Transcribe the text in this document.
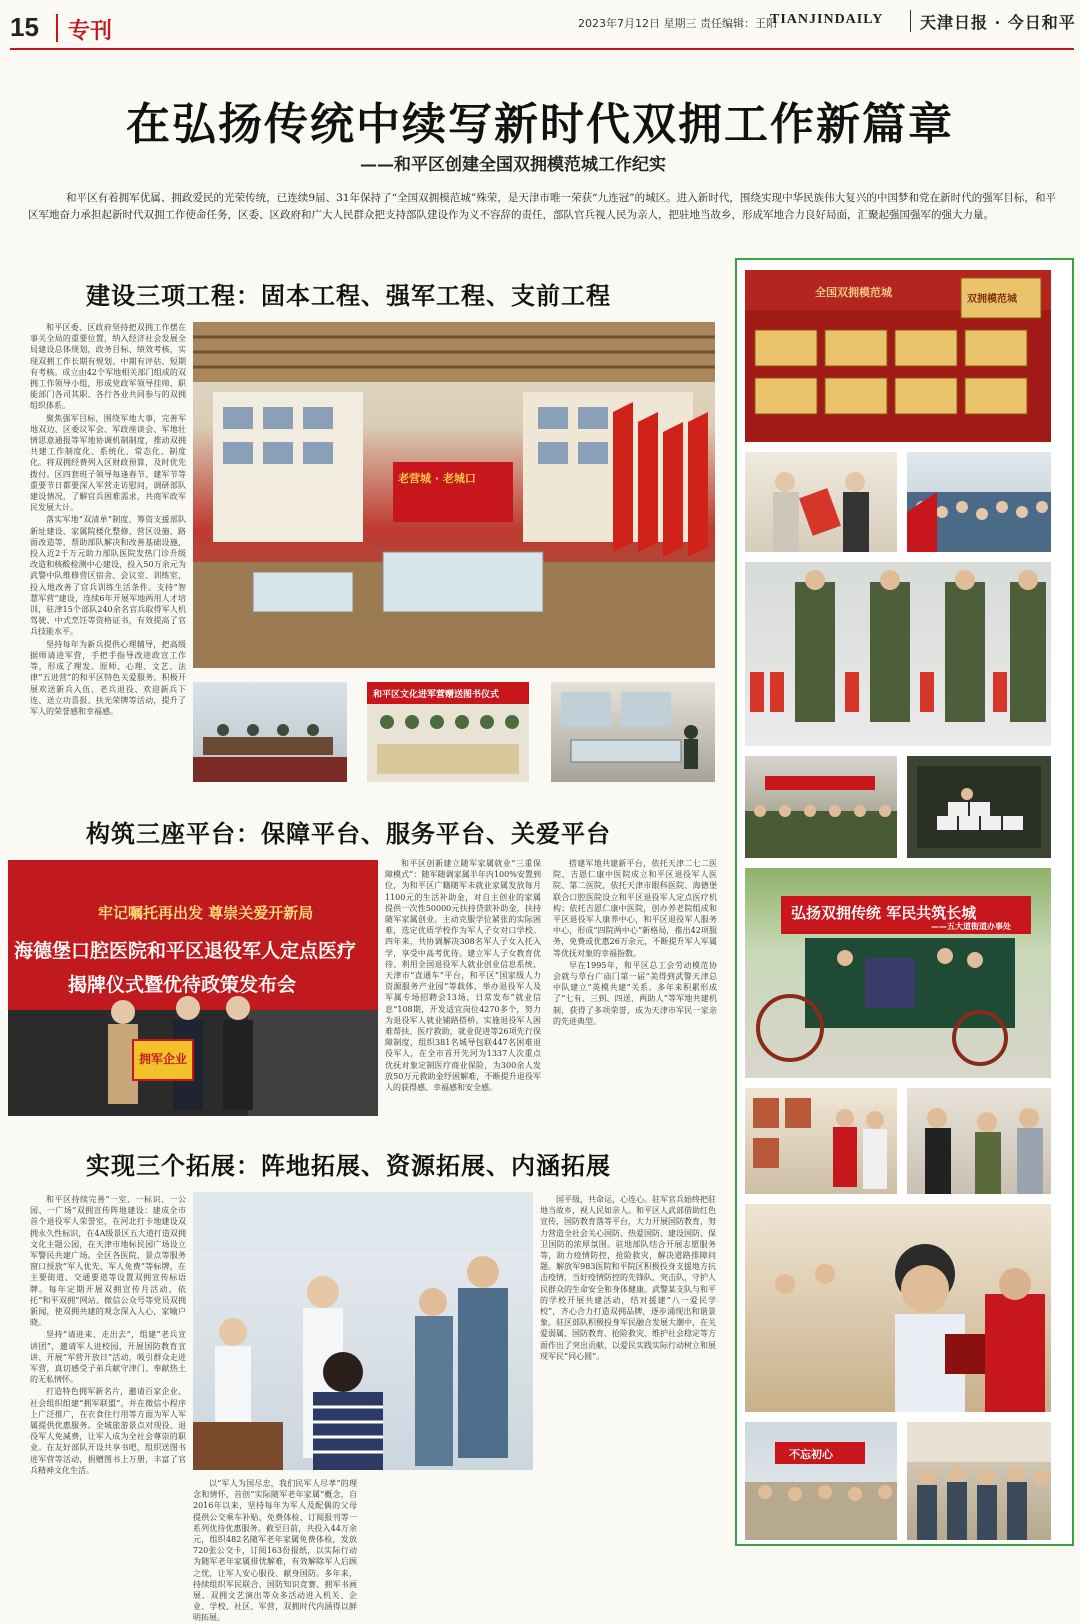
15 专刊	2023年7月12日 星期三 责任编辑：王阳
TIANJINDAILY 天津日报 · 今日和平
在弘扬传统中续写新时代双拥工作新篇章
——和平区创建全国双拥模范城工作纪实
和平区有着拥军优属、拥政爱民的光荣传统，已连续9届、31年保持了“全国双拥模范城”殊荣，是天津市唯一荣获“九连冠”的城区。进入新时代，围绕实现中华民族伟大复兴的中国梦和党在新时代的强军目标，和平区军地奋力承担起新时代双拥工作使命任务，区委、区政府和广大人民群众把支持部队建设作为义不容辞的责任，部队官兵视人民为亲人，把驻地当故乡，形成军地合力良好局面，汇聚起强国强军的强大力量。
建设三项工程：固本工程、强军工程、支前工程

和平区委、区政府坚持把双拥工作摆在事关全局的重要位置，纳入经济社会发展全局建设总体规划，政务目标、绩效考核，实现双拥工作长期有规划、中期有评估、短期有考核。成立由42个军地相关部门组成的双拥工作领导小组，形成党政军领导挂帅、职能部门各司其职、各行各业共同参与的双拥组织体系。

聚焦强军目标，围绕军地大事，完善军地双边、区委议军会、军政座谈会、军地壮情思意通报等军地协调机制制度，推动双拥共建工作制度化、系统化、常态化、制度化。将双拥经费列入区财政预算，及时优先拨付。区四套班子领导每逢春节、建军节等重要节日都要深入军营走访慰问，调研部队建设情况，了解官兵困难需求，共商军政军民发展大计。

落实军地“双清单”制度，筹资支援部队新址建设、家属院楼化整修、营区设施、路面改造等，帮助部队解决和改善基础设施，投入近2千万元助力部队医院发热门诊升级改造和核酸检测中心建设，投入50万余元为武警中队维修营区宿舍、会议室、训练室，投入地改善了官兵训练生活条件。支持“智慧军营”建设，连续6年开展军地两用人才培训，驻津15个部队240余名官兵取得军人机驾驶、中式烹饪等资格证书，有效提高了官兵技能水平。

坚持每年为新兵提供心理辅导，把高级据师请进军营，手把手指导改进政宣工作等，形成了理发、原师、心理、文艺、法律“五进营”的和平区特色关爱服务。积极开展欢送新兵入伍、老兵退役、欢迎新兵下连、送立功喜报、扶光荣牌等活动，提升了军人的荣誉感和幸福感。

老营城 · 老城口
和平区文化进军营赠送图书仪式
构筑三座平台：保障平台、服务平台、关爱平台
牢记嘱托再出发 尊崇关爱开新局
海德堡口腔医院和平区退役军人定点医疗
揭牌仪式暨优待政策发布会
拥军企业

和平区创新建立随军家属就业“三重保障模式”：随军随调家属半年内100%安置到位，为和平区广籍随军未就业家属发放每月1100元的生活补助金，对自主创业的家属提供一次性50000元扶持贷款补助金，扶持随军家属创业。主动克服学位紧张的实际困难，选定优质学校作为军人子女对口学校。四年来，共协调解决308名军人子女入托入学，享受中高考优待。建立军人子女教育优待、利用全国退役军人就业创业信息系统、天津市“直通车”平台，和平区“国家级人力资源服务产业园”等载体，举办退役军人及军属专场招聘会13场，日常发布“就业信息”108期，开发适宜岗位4270多个，努力为退役军人就业铺路搭桥。实施退役军人困难帮扶、医疗救助，就业促进等26项先行保障制度，组织381名城导包联447名困难退役军人，在全市首开先河为1337人次重点优抚对象定制医疗商业保险，为300余人发放50万元救助金纾困解难，不断提升退役军人的获得感、幸福感和安全感。

搭建军地共建新平台，依托天津二七二医院、吉恩仁康中医院成立和平区退役军人医院、第二医院，依托天津市眼科医院、海德堡联合口腔医院设立和平区退役军人定点医疗机构；依托吉恩仁康中医院，创办养老院组成和平区退役军人康养中心，和平区退役军人服务中心，形成“四院两中心”新格局，推出42项服务，免费或优惠26万余元，不断提升军人军属等优抚对象的幸福指数。

早在1995年，和平区总工会劳动模范协会就与草台广庙门第一届“美得到武警天津总中队建立“英模共建”关系。多年来积累形成了“七有、三到、四送、两助人”等军地共建机制，获得了多项荣誉，成为天津市军民一家亲的先进典型。

实现三个拓展：阵地拓展、资源拓展、内涵拓展

和平区持续完善“一室、一标识、一公园、一广场”双拥宣传阵地建设：建成全市首个退役军人荣誉室，在河北打卡地建设双拥永久性标识，在4A级景区五大道打造双拥文化主题公园，在天津市地标民园广场设立军警民共建广场。全区各医院、景点等服务窗口授放“军人优先、军人免费”等标牌，在主要街道、交通要道等设置双拥宣传标语牌。每年定期开展双拥宣传月活动，依托“和平双拥”网站、微信公众号等党员双拥新闻，使双拥共建的观念深入人心，家喻户晓。

坚持“请进来、走出去”，组建“老兵宣讲团”，邀请军人进校园，开展国防教育宣讲、开展“军营开放日”活动，吸引群众走进军营，真切感受子弟兵献守津门、奉献热土的无私情怀。

打造特色拥军新名片，邀请百家企业、社会组织组建“拥军联盟”，并在微信小程序上广泛推广，在衣食住行用等方面为军人军属提供优惠服务。全城旅游景点对现役、退役军人免减费，让军人成为全社会尊崇的职业。在友好部队开设共享书吧，组织送图书进军营等活动，捐赠图书上万册，丰富了官兵精神文化生活。

以“军人为国尽忠，我们民军人尽孝”的理念和情怀，首创“实际随军老年家属”概念，自2016年以来，坚持每年为军人及配偶的父母提供公交乘车补贴、免费体检、订阅报刊等一系列优待优惠服务。截至目前，共投入44万余元，组织482名随军老年家属免费体检，发放720张公交卡，订阅163份报纸，以实际行动为随军老年家属排忧解难，有效解除军人后顾之忧，让军人安心服役、献身国防。多年来，持续组织军民联合、国防知识竞赛、拥军书画展、双拥文艺演出等众多活动进入机关、企业、学校、社区、军营，双拥时代内涵得以鲜明拓展。

国平级，共命运，心连心。驻军官兵始终把驻地当故乡，视人民如亲人。和平区人武部借助红色宣传，国防教育落等平台，大力开展国防教育，努力营造全社会关心国防、热爱国防、建设国防、保卫国防的浓厚氛围。驻地部队结合开展志愿服务等，助力疫情防控，抢险救灾，解决道路排障问题。解放军983医院和平院区积极投身支援地方抗击疫情，当好疫情防控的先锋队、突击队，守护人民群众的生命安全和身体健康。武警某支队与和平的学校开展共建活动，结对援建“八一爱民学校”，齐心合力打造双拥品牌，逐步涌现出和谐景象。驻区部队积极投身军民融合发展大潮中，在关爱弱属、国防教育、抢险救灾、维护社会稳定等方面作出了突出贡献，以爱民实践实际行动树立和展现军民“同心圆”。

全国双拥模范城
双拥模范城
弘扬双拥传统 军民共筑长城
——五大道街道办事处
不忘初心
